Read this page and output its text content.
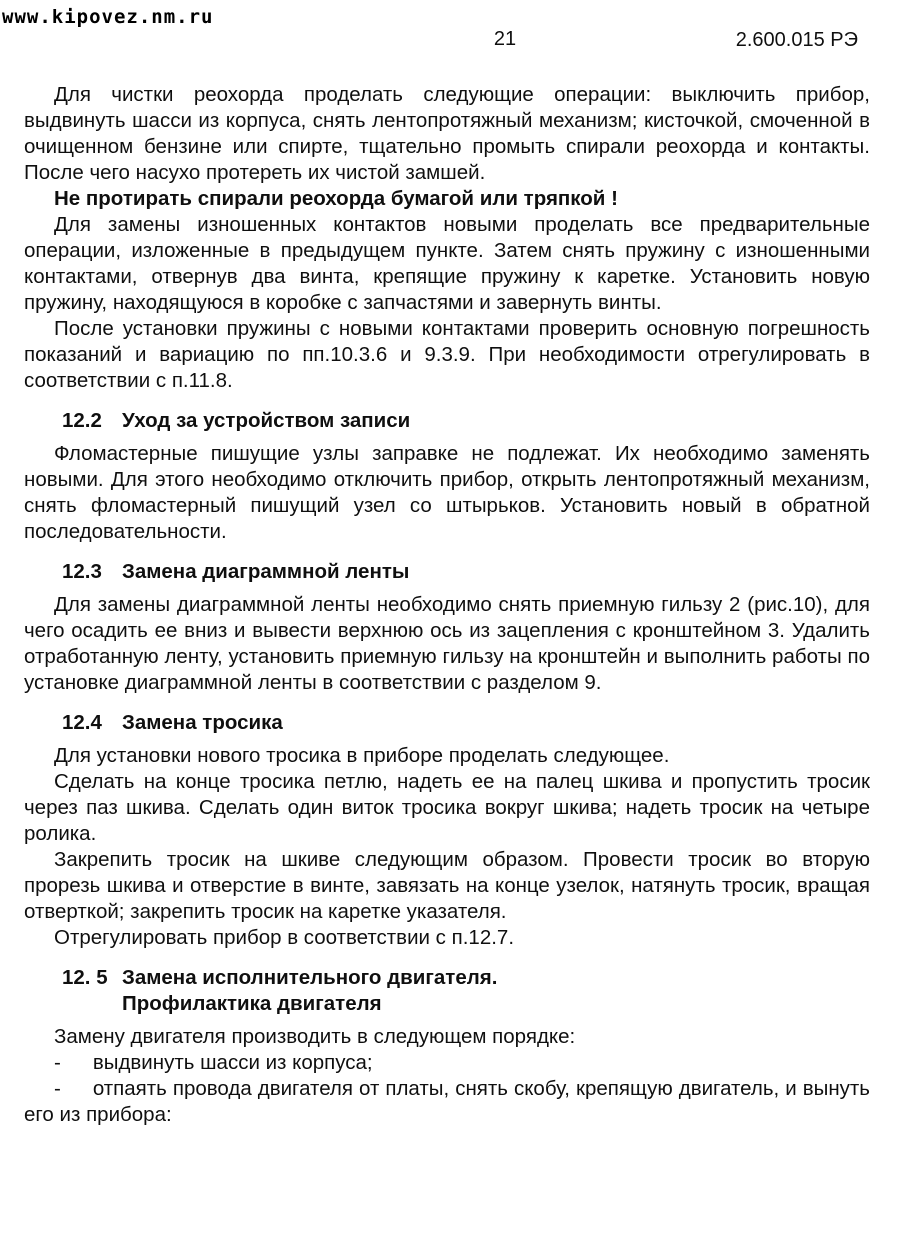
www.kipovez.nm.ru
21	2.600.015 РЭ

Для чистки реохорда проделать следующие операции: выключить прибор, выдвинуть шасси из корпуса, снять лентопротяжный механизм; кисточкой, смоченной в очищенном бензине или спирте, тщательно промыть спирали реохорда и контакты. После чего насухо протереть их чистой замшей.

Не протирать спирали реохорда бумагой или тряпкой !

Для замены изношенных контактов новыми проделать все предварительные операции, изложенные в предыдущем пункте. Затем снять пружину с изношенными контактами, отвернув два винта, крепящие пружину к каретке. Установить новую пружину, находящуюся в коробке с запчастями и завернуть винты.

После установки пружины с новыми контактами проверить основную погрешность показаний и вариацию по пп.10.3.6 и 9.3.9. При необходимости отрегулировать в соответствии с п.11.8.

12.2 Уход за устройством записи

Фломастерные пишущие узлы заправке не подлежат. Их необходимо заменять новыми. Для этого необходимо отключить прибор, открыть лентопротяжный механизм, снять фломастерный пишущий узел со штырьков. Установить новый в обратной последовательности.

12.3 Замена диаграммной ленты

Для замены диаграммной ленты необходимо снять приемную гильзу 2 (рис.10), для чего осадить ее вниз и вывести верхнюю ось из зацепления с кронштейном 3. Удалить отработанную ленту, установить приемную гильзу на кронштейн и выполнить работы по установке диаграммной ленты в соответствии с разделом 9.

12.4 Замена тросика

Для установки нового тросика в приборе проделать следующее.

Сделать на конце тросика петлю, надеть ее на палец шкива и пропустить тросик через паз шкива. Сделать один виток тросика вокруг шкива; надеть тросик на четыре ролика.

Закрепить тросик на шкиве следующим образом. Провести тросик во вторую прорезь шкива и отверстие в винте, завязать на конце узелок, натянуть тросик, вращая отверткой; закрепить тросик на каретке указателя.

Отрегулировать прибор в соответствии с п.12.7.

12. 5 Замена исполнительного двигателя.
Профилактика двигателя

Замену двигателя производить в следующем порядке:

- выдвинуть шасси из корпуса;

- отпаять провода двигателя от платы, снять скобу, крепящую двигатель, и вынуть его из прибора:
